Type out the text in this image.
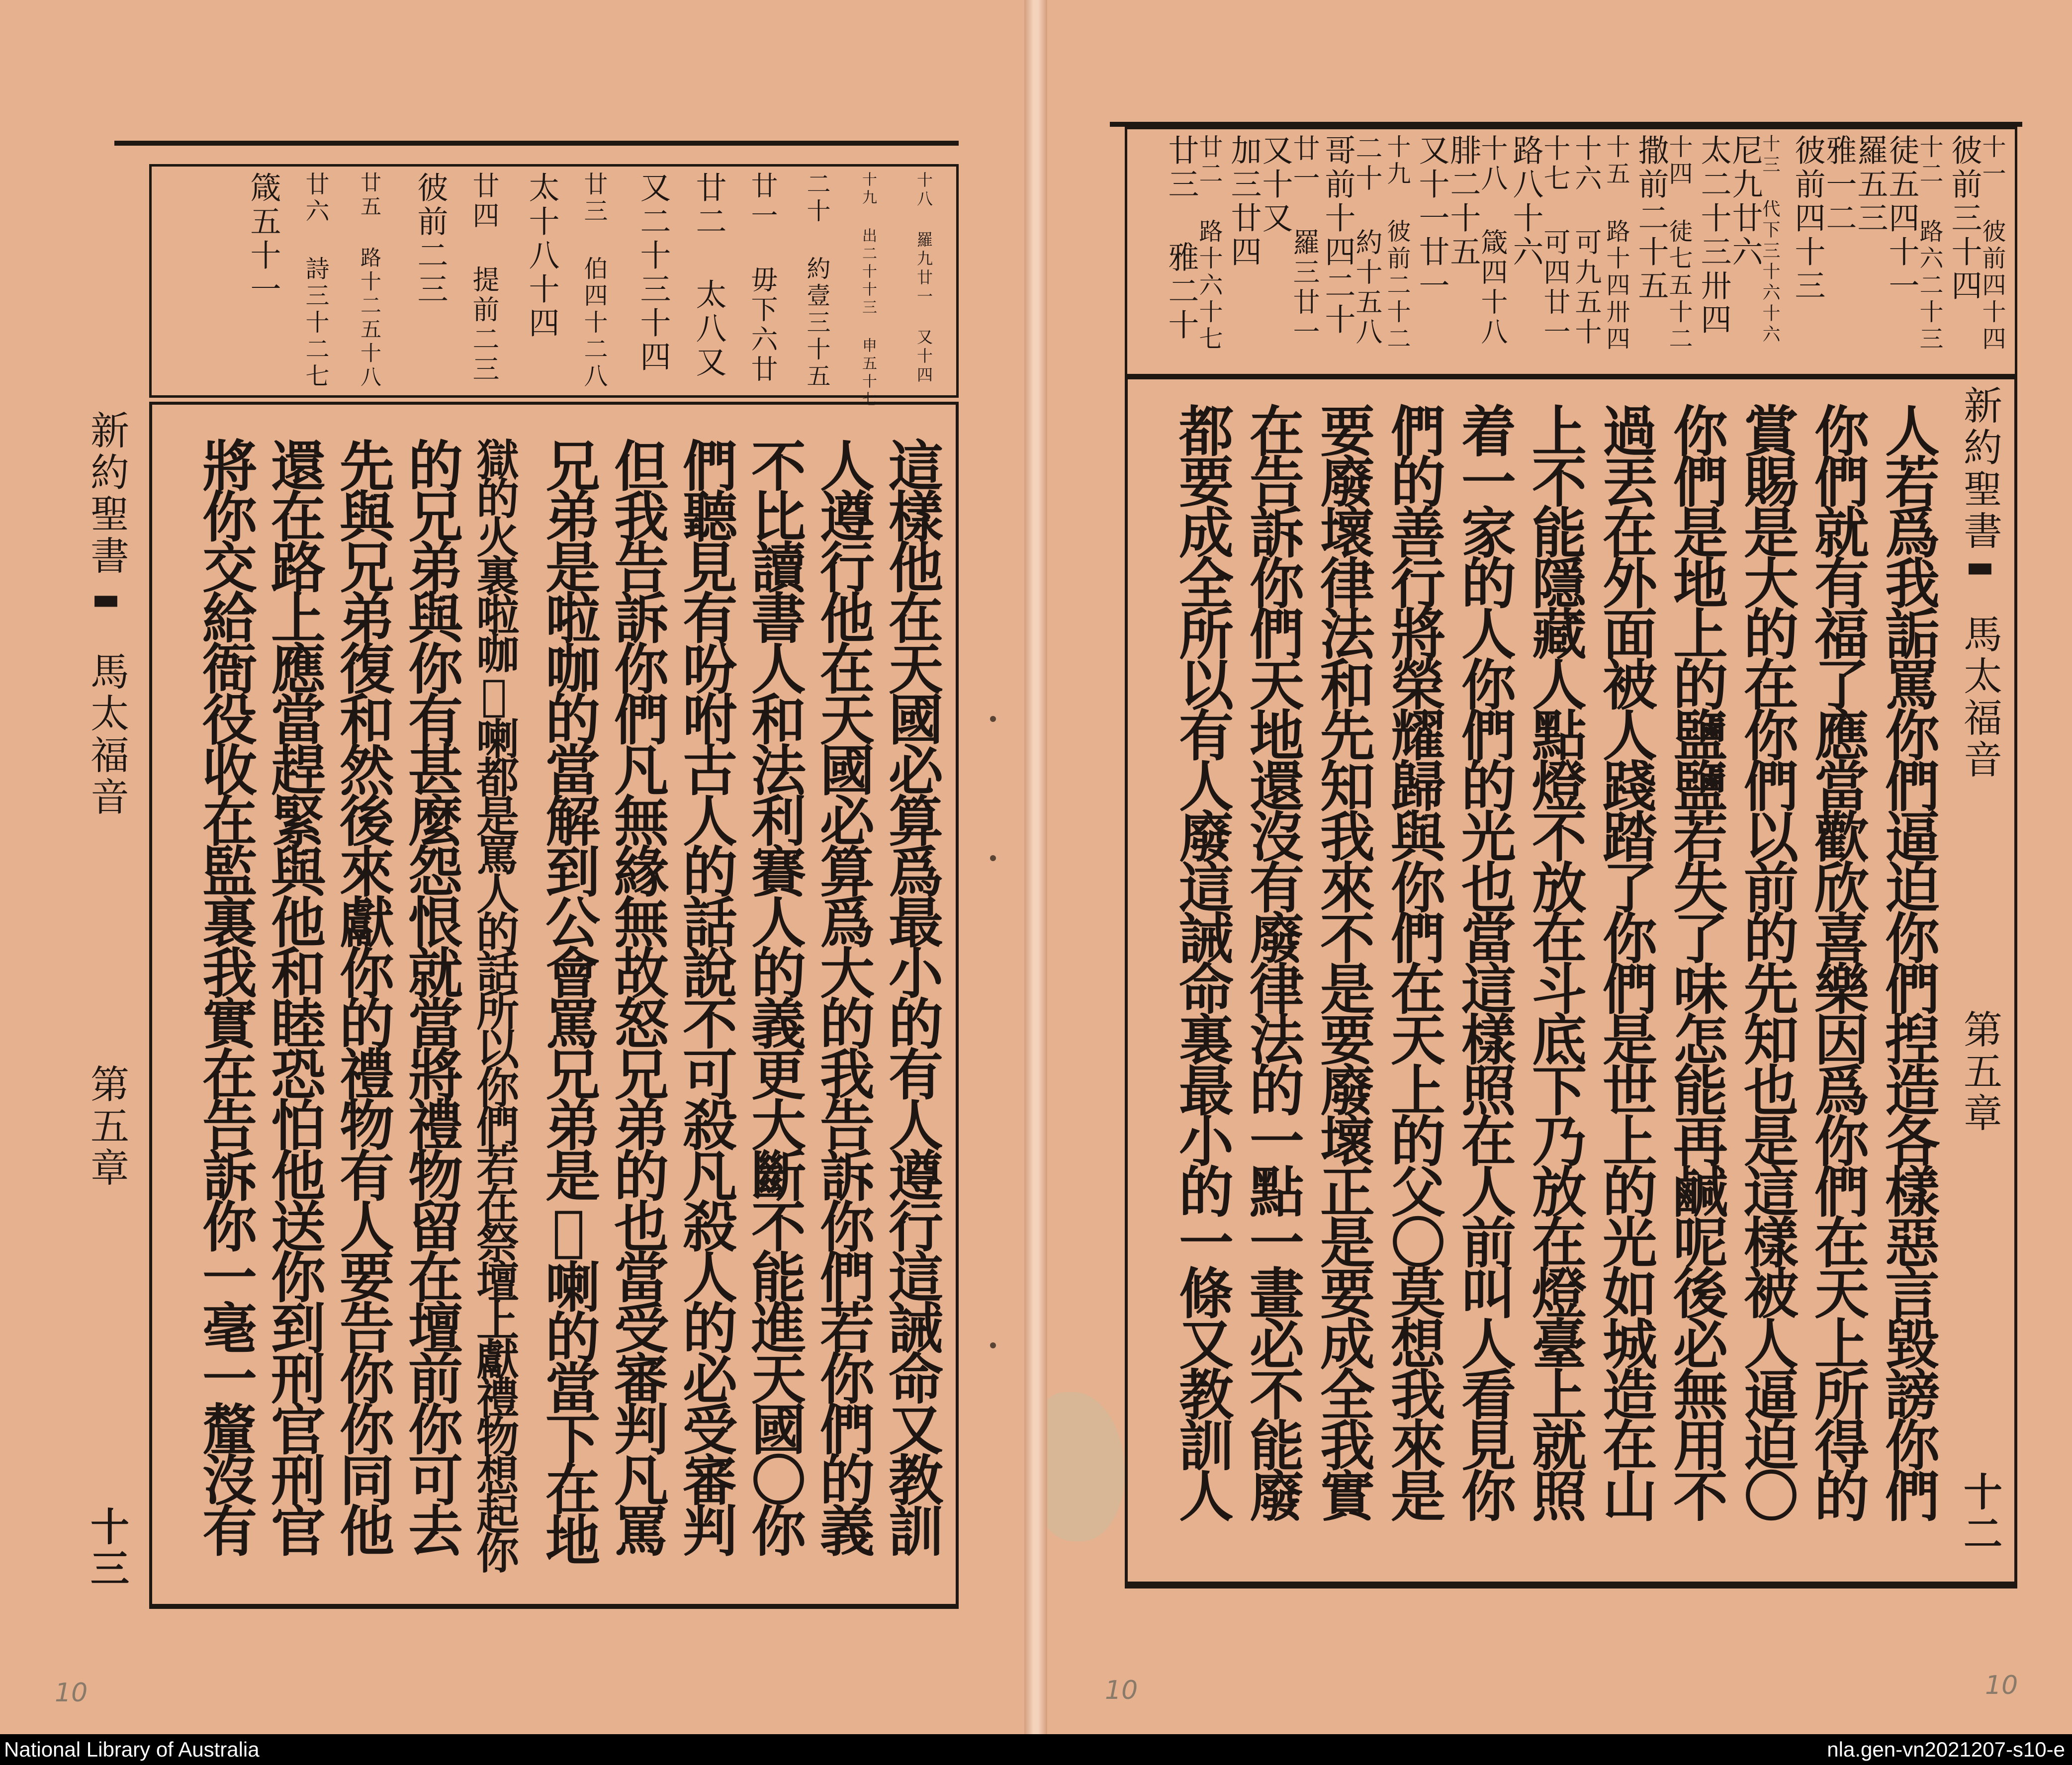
十八 羅九廿一 又十四
十九 出二十十三 申五十七
二十 約壹三十五
廿一 毋下六廿
廿二 太八又
又二十三十四
廿三 伯四十二八
太十八十四
廿四 提前二三
彼前二三
廿五 路十二五十八
廿六 詩三十二七
箴五十一
這樣他在天國必算爲最小的有人遵行這誡命又教訓
人遵行他在天國必算爲大的我告訴你們若你們的義
不比讀書人和法利賽人的義更大斷不能進天國〇你
們聽見有吩咐古人的話說不可殺凡殺人的必受審判
但我告訴你們凡無緣無故怒兄弟的也當受審判凡罵
兄弟是啦咖的當解到公會罵兄弟是𠼲喇的當下在地
獄的火裏啦咖𠼲喇都是罵人的話所以你們若在祭壇上獻禮物想起你
的兄弟與你有甚麼怨恨就當將禮物留在壇前你可去
先與兄弟復和然後來獻你的禮物有人要告你你同他
還在路上應當趕緊與他和睦恐怕他送你到刑官刑官
將你交給衙役收在監裏我實在告訴你一毫一釐沒有
新約聖書
▬
馬太福音
第五章
十三
10
十一 彼前四十四
彼前三十四
十二 路六二十三
徒五四十一
羅五三
雅一二
彼前四十三
十三 代下三十六十六
尼九廿六
太二十三卅四
十四 徒七五十二
撒前二十五
十五 路十四卅四
十六 可九五十
十七 可四廿一
路八十六
十八 箴四十八
腓二十五
又十一廿一
十九 彼前二十二
二十 約十五八
哥前十四二十
廿一 羅三廿一
又十又
加三廿四
廿二 路十六十七
廿三 雅二十
人若爲我詬罵你們逼迫你們揑造各樣惡言毀謗你們
你們就有福了應當歡欣喜樂因爲你們在天上所得的
賞賜是大的在你們以前的先知也是這樣被人逼迫〇
你們是地上的鹽鹽若失了味怎能再鹹呢後必無用不
過丟在外面被人踐踏了你們是世上的光如城造在山
上不能隱藏人點燈不放在斗底下乃放在燈臺上就照
着一家的人你們的光也當這樣照在人前叫人看見你
們的善行將榮耀歸與你們在天上的父〇莫想我來是
要廢壞律法和先知我來不是要廢壞正是要成全我實
在告訴你們天地還沒有廢律法的一點一畫必不能廢
都要成全所以有人廢這誡命裏最小的一條又教訓人	新約聖書
▬
馬太福音
第五章
十二
10	10
National Library of Australia	nla.gen-vn2021207-s10-e
